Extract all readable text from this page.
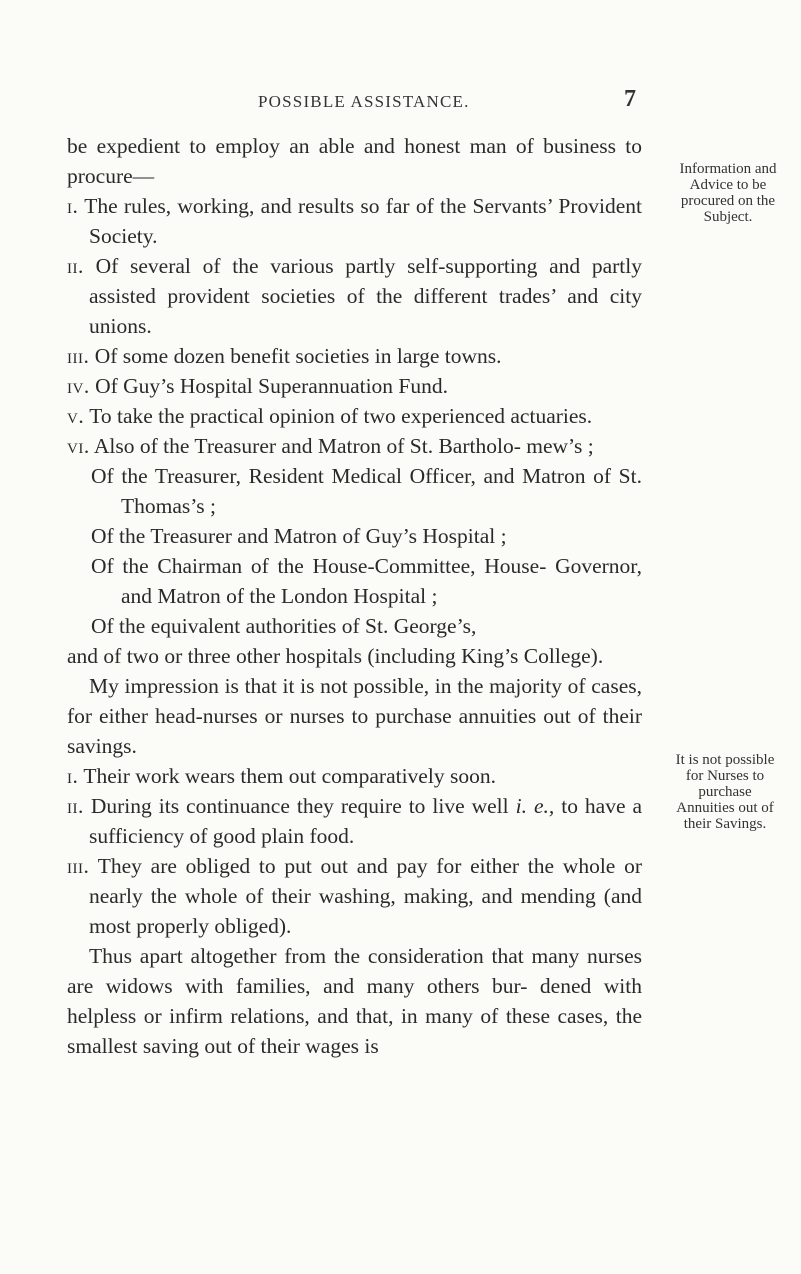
POSSIBLE ASSISTANCE.	7

be expedient to employ an able and honest man of business to procure—

i. The rules, working, and results so far of the Servants’ Provident Society.

ii. Of several of the various partly self-supporting and partly assisted provident societies of the different trades’ and city unions.

iii. Of some dozen benefit societies in large towns.

iv. Of Guy’s Hospital Superannuation Fund.

v. To take the practical opinion of two experienced actuaries.

vi. Also of the Treasurer and Matron of St. Bartholo- mew’s ;

Of the Treasurer, Resident Medical Officer, and Matron of St. Thomas’s ;

Of the Treasurer and Matron of Guy’s Hospital ;

Of the Chairman of the House-Committee, House- Governor, and Matron of the London Hospital ;

Of the equivalent authorities of St. George’s,

and of two or three other hospitals (including King’s College).

My impression is that it is not possible, in the majority of cases, for either head-nurses or nurses to purchase annuities out of their savings.

i. Their work wears them out comparatively soon.

ii. During its continuance they require to live well i. e., to have a sufficiency of good plain food.

iii. They are obliged to put out and pay for either the whole or nearly the whole of their washing, making, and mending (and most properly obliged).

Thus apart altogether from the consideration that many nurses are widows with families, and many others bur- dened with helpless or infirm relations, and that, in many of these cases, the smallest saving out of their wages is

Information and Advice to be procured on the Subject.
It is not possible for Nurses to purchase Annuities out of their Savings.
